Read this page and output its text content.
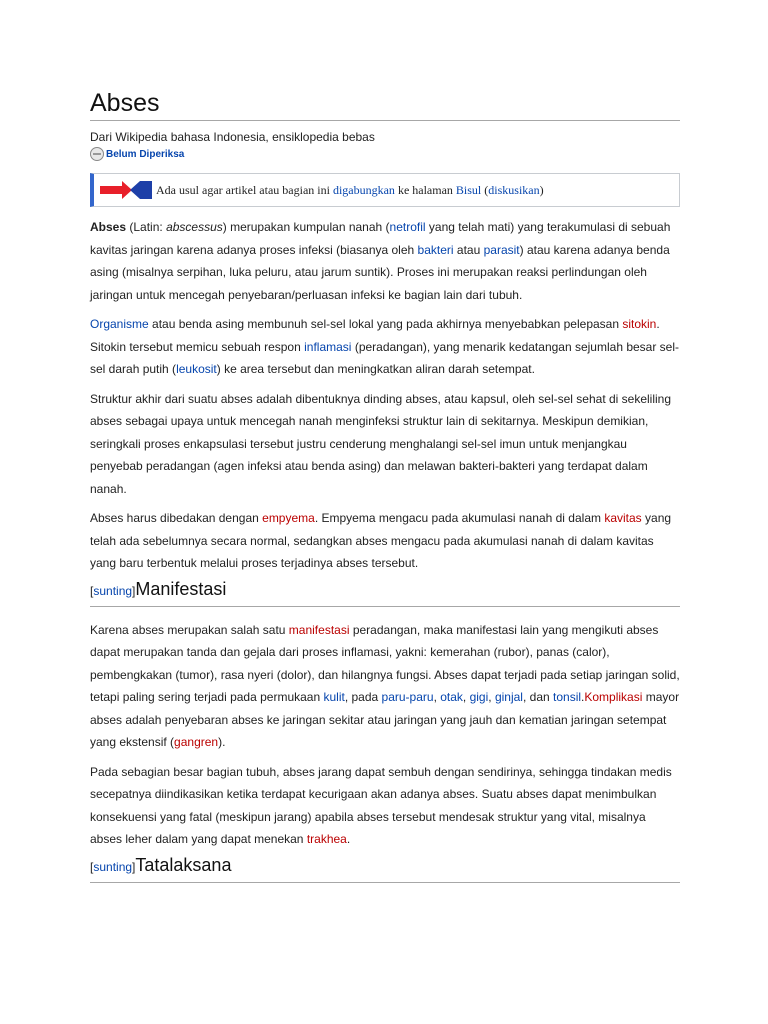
Abses
Dari Wikipedia bahasa Indonesia, ensiklopedia bebas
Belum Diperiksa
Ada usul agar artikel atau bagian ini digabungkan ke halaman Bisul (diskusikan)

Abses (Latin: abscessus) merupakan kumpulan nanah (netrofil yang telah mati) yang terakumulasi di sebuah kavitas jaringan karena adanya proses infeksi (biasanya oleh bakteri atau parasit) atau karena adanya benda asing (misalnya serpihan, luka peluru, atau jarum suntik). Proses ini merupakan reaksi perlindungan oleh jaringan untuk mencegah penyebaran/perluasan infeksi ke bagian lain dari tubuh.

Organisme atau benda asing membunuh sel-sel lokal yang pada akhirnya menyebabkan pelepasan sitokin. Sitokin tersebut memicu sebuah respon inflamasi (peradangan), yang menarik kedatangan sejumlah besar sel-sel darah putih (leukosit) ke area tersebut dan meningkatkan aliran darah setempat.

Struktur akhir dari suatu abses adalah dibentuknya dinding abses, atau kapsul, oleh sel-sel sehat di sekeliling abses sebagai upaya untuk mencegah nanah menginfeksi struktur lain di sekitarnya. Meskipun demikian, seringkali proses enkapsulasi tersebut justru cenderung menghalangi sel-sel imun untuk menjangkau penyebab peradangan (agen infeksi atau benda asing) dan melawan bakteri-bakteri yang terdapat dalam nanah.

Abses harus dibedakan dengan empyema. Empyema mengacu pada akumulasi nanah di dalam kavitas yang telah ada sebelumnya secara normal, sedangkan abses mengacu pada akumulasi nanah di dalam kavitas yang baru terbentuk melalui proses terjadinya abses tersebut.

[sunting] Manifestasi

Karena abses merupakan salah satu manifestasi peradangan, maka manifestasi lain yang mengikuti abses dapat merupakan tanda dan gejala dari proses inflamasi, yakni: kemerahan (rubor), panas (calor), pembengkakan (tumor), rasa nyeri (dolor), dan hilangnya fungsi. Abses dapat terjadi pada setiap jaringan solid, tetapi paling sering terjadi pada permukaan kulit, pada paru-paru, otak, gigi, ginjal, dan tonsil.Komplikasi mayor abses adalah penyebaran abses ke jaringan sekitar atau jaringan yang jauh dan kematian jaringan setempat yang ekstensif (gangren).

Pada sebagian besar bagian tubuh, abses jarang dapat sembuh dengan sendirinya, sehingga tindakan medis secepatnya diindikasikan ketika terdapat kecurigaan akan adanya abses. Suatu abses dapat menimbulkan konsekuensi yang fatal (meskipun jarang) apabila abses tersebut mendesak struktur yang vital, misalnya abses leher dalam yang dapat menekan trakhea.

[sunting] Tatalaksana
